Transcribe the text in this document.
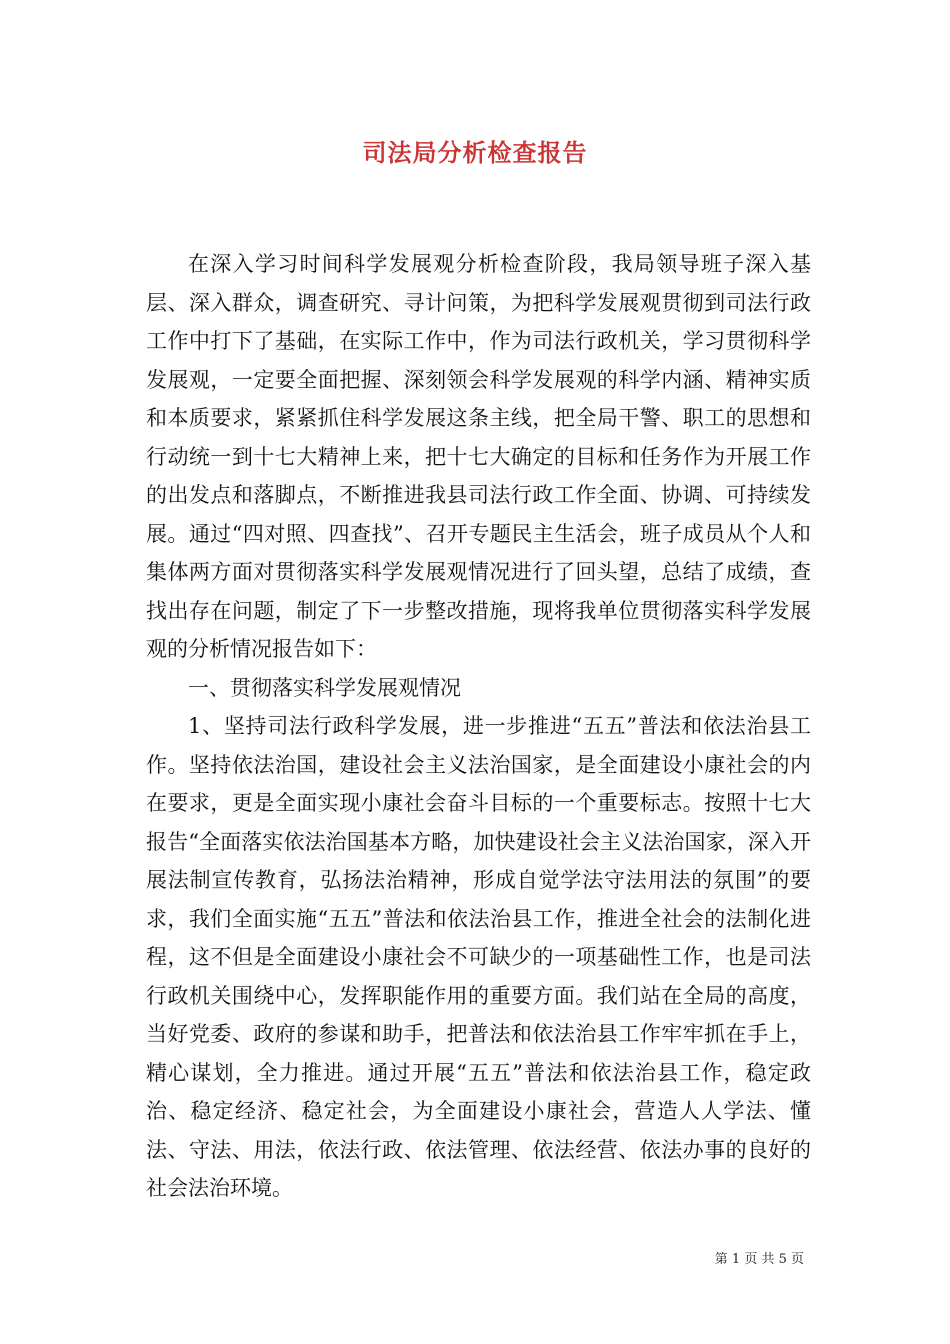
司法局分析检查报告

在深入学习时间科学发展观分析检查阶段，我局领导班子深入基层、深入群众，调查研究、寻计问策，为把科学发展观贯彻到司法行政工作中打下了基础，在实际工作中，作为司法行政机关，学习贯彻科学发展观，一定要全面把握、深刻领会科学发展观的科学内涵、精神实质和本质要求，紧紧抓住科学发展这条主线，把全局干警、职工的思想和行动统一到十七大精神上来，把十七大确定的目标和任务作为开展工作的出发点和落脚点，不断推进我县司法行政工作全面、协调、可持续发展。通过“四对照、四查找”、召开专题民主生活会，班子成员从个人和集体两方面对贯彻落实科学发展观情况进行了回头望，总结了成绩，查找出存在问题，制定了下一步整改措施，现将我单位贯彻落实科学发展观的分析情况报告如下：

一、贯彻落实科学发展观情况

1、坚持司法行政科学发展，进一步推进“五五”普法和依法治县工作。坚持依法治国，建设社会主义法治国家，是全面建设小康社会的内在要求，更是全面实现小康社会奋斗目标的一个重要标志。按照十七大报告“全面落实依法治国基本方略，加快建设社会主义法治国家，深入开展法制宣传教育，弘扬法治精神，形成自觉学法守法用法的氛围”的要求，我们全面实施“五五”普法和依法治县工作，推进全社会的法制化进程，这不但是全面建设小康社会不可缺少的一项基础性工作，也是司法行政机关围绕中心，发挥职能作用的重要方面。我们站在全局的高度，当好党委、政府的参谋和助手，把普法和依法治县工作牢牢抓在手上，精心谋划，全力推进。通过开展“五五”普法和依法治县工作，稳定政治、稳定经济、稳定社会，为全面建设小康社会，营造人人学法、懂法、守法、用法，依法行政、依法管理、依法经营、依法办事的良好的社会法治环境。

第 1 页 共 5 页
